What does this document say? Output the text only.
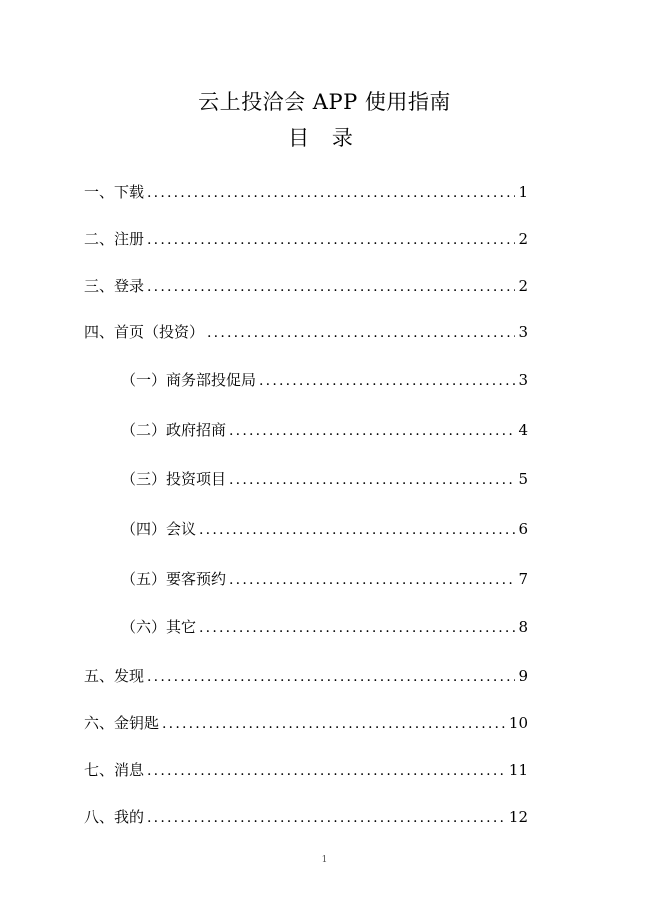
云上投洽会 APP 使用指南
目 录
一、下载 .....	1
二、注册 .....	2
三、登录 .....	2
四、首页（投资） .....	3
（一）商务部投促局 .....	3
（二）政府招商 .....	4
（三）投资项目 .....	5
（四）会议 .....	6
（五）要客预约 .....	7
（六）其它 .....	8
五、发现 .....	9
六、金钥匙 .....	10
七、消息 .....	11
八、我的 .....	12
1
